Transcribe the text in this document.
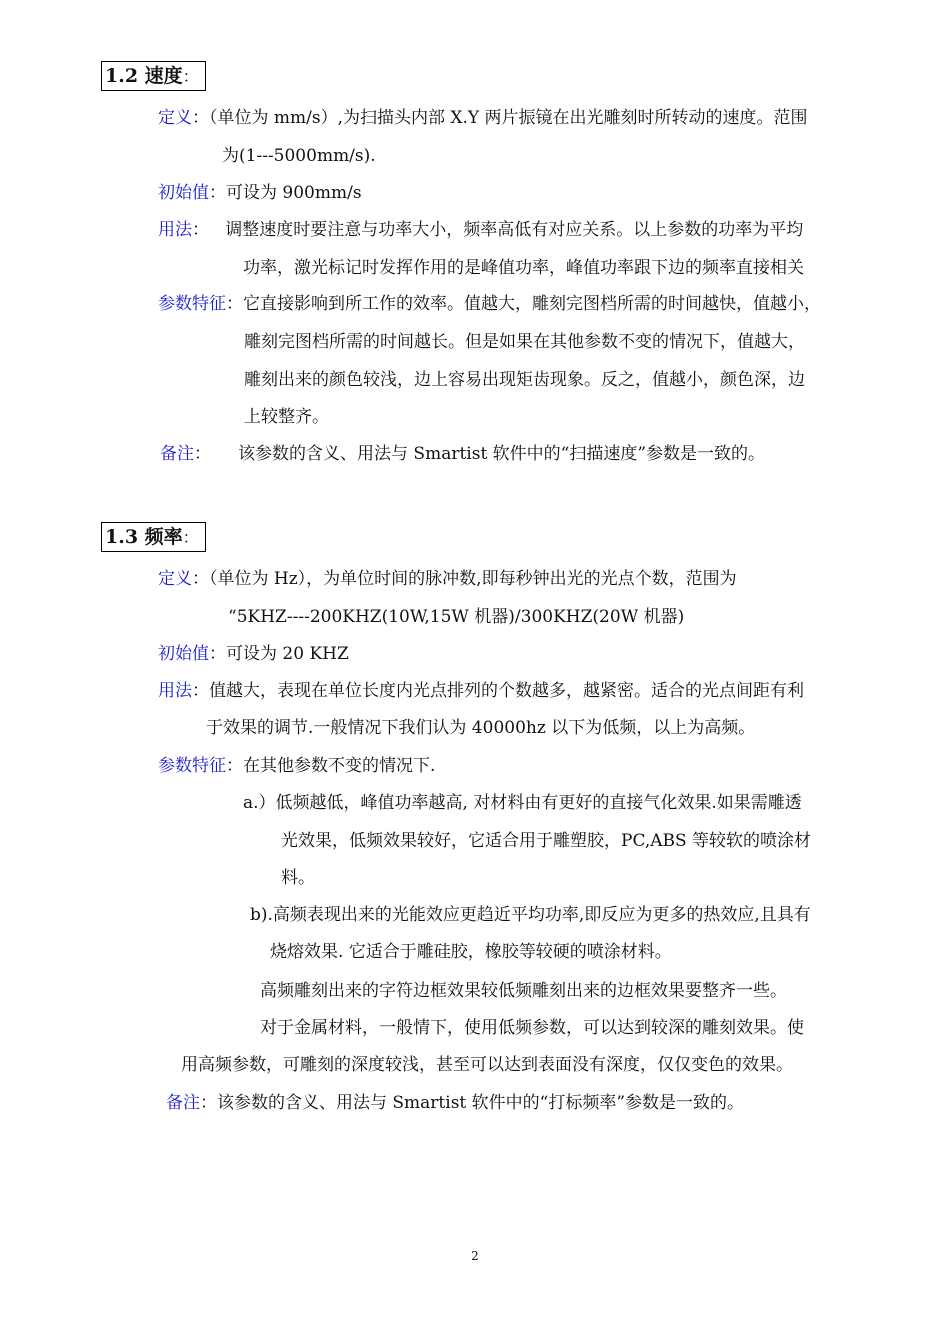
1.2 速度：
定义：（单位为 mm/s）,为扫描头内部 X.Y 两片振镜在出光雕刻时所转动的速度。范围
为(1---5000mm/s).
初始值：可设为 900mm/s
用法：   调整速度时要注意与功率大小，频率高低有对应关系。以上参数的功率为平均
功率，激光标记时发挥作用的是峰值功率，峰值功率跟下边的频率直接相关
参数特征：它直接影响到所工作的效率。值越大，雕刻完图档所需的时间越快，值越小，
雕刻完图档所需的时间越长。但是如果在其他参数不变的情况下，值越大，
雕刻出来的颜色较浅，边上容易出现矩齿现象。反之，值越小，颜色深，边
上较整齐。
备注：     该参数的含义、用法与 Smartist 软件中的“扫描速度”参数是一致的。
1.3 频率：
定义：（单位为 Hz），为单位时间的脉冲数,即每秒钟出光的光点个数，范围为
“5KHZ----200KHZ(10W,15W 机器)/300KHZ(20W 机器)
初始值：可设为 20 KHZ
用法：值越大，表现在单位长度内光点排列的个数越多，越紧密。适合的光点间距有利
于效果的调节.一般情况下我们认为 40000hz 以下为低频，以上为高频。
参数特征：在其他参数不变的情况下.
a.）低频越低，峰值功率越高, 对材料由有更好的直接气化效果.如果需雕透
光效果，低频效果较好，它适合用于雕塑胶，PC,ABS 等较软的喷涂材
料。
b).高频表现出来的光能效应更趋近平均功率,即反应为更多的热效应,且具有
烧熔效果. 它适合于雕硅胶，橡胶等较硬的喷涂材料。
高频雕刻出来的字符边框效果较低频雕刻出来的边框效果要整齐一些。
对于金属材料，一般情下，使用低频参数，可以达到较深的雕刻效果。使
用高频参数，可雕刻的深度较浅，甚至可以达到表面没有深度，仅仅变色的效果。
备注：该参数的含义、用法与 Smartist 软件中的“打标频率”参数是一致的。
2
